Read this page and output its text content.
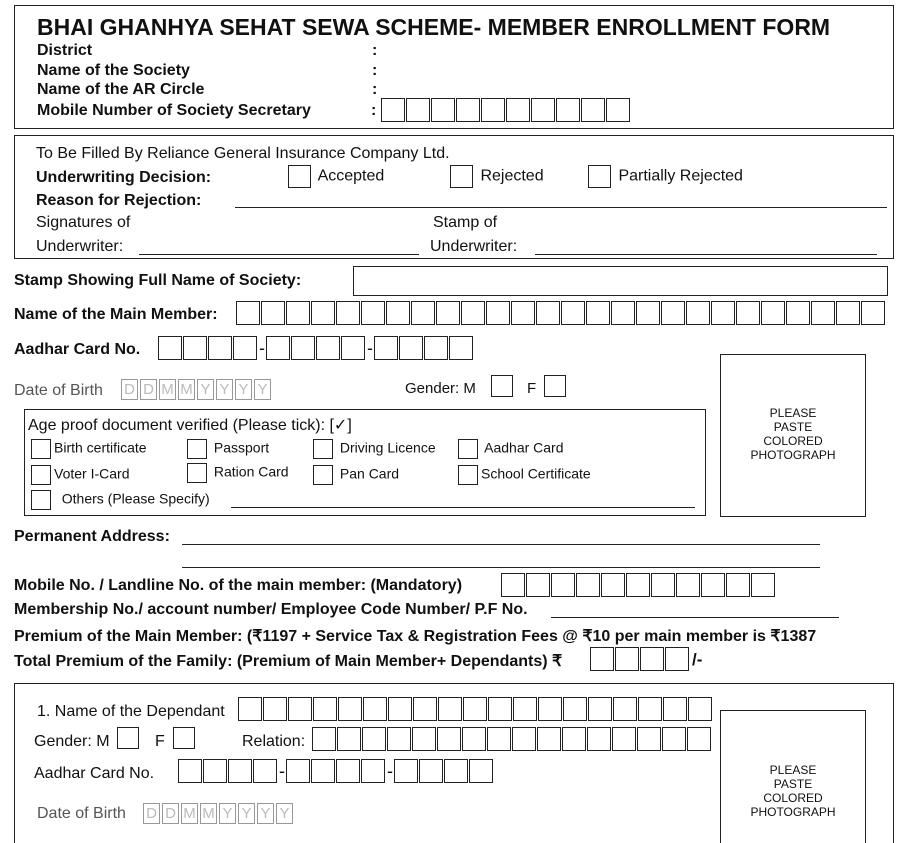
BHAI GHANHYA SEHAT SEWA SCHEME- MEMBER ENROLLMENT FORM
District	:
Name of the Society	:
Name of the AR Circle	:
Mobile Number of Society Secretary	:
To Be Filled By Reliance General Insurance Company Ltd.
Underwriting Decision:	Accepted	Rejected	Partially Rejected
Reason for Rejection:
Signatures of
Underwriter:
Stamp of
Underwriter:
Stamp Showing Full Name of Society:
Name of the Main Member:
Aadhar Card No.	-	-
Date of Birth D D M M Y Y Y Y	Gender: M	F
Age proof document verified (Please tick): [✓]
Birth certificate	Passport	Driving Licence	Aadhar Card
Voter I-Card	Ration Card	Pan Card	School Certificate
Others (Please Specify)
PLEASE
PASTE
COLORED
PHOTOGRAPH
Permanent Address:
Mobile No. / Landline No. of the main member: (Mandatory)
Membership No./ account number/ Employee Code Number/ P.F No.
Premium of the Main Member: (₹1197 + Service Tax & Registration Fees @ ₹10 per main member is ₹1387
Total Premium of the Family: (Premium of Main Member+ Dependants) ₹	/-
1. Name of the Dependant
Gender: M	F	Relation:
Aadhar Card No.	-	-
Date of Birth D D M M Y Y Y Y
PLEASE
PASTE
COLORED
PHOTOGRAPH
